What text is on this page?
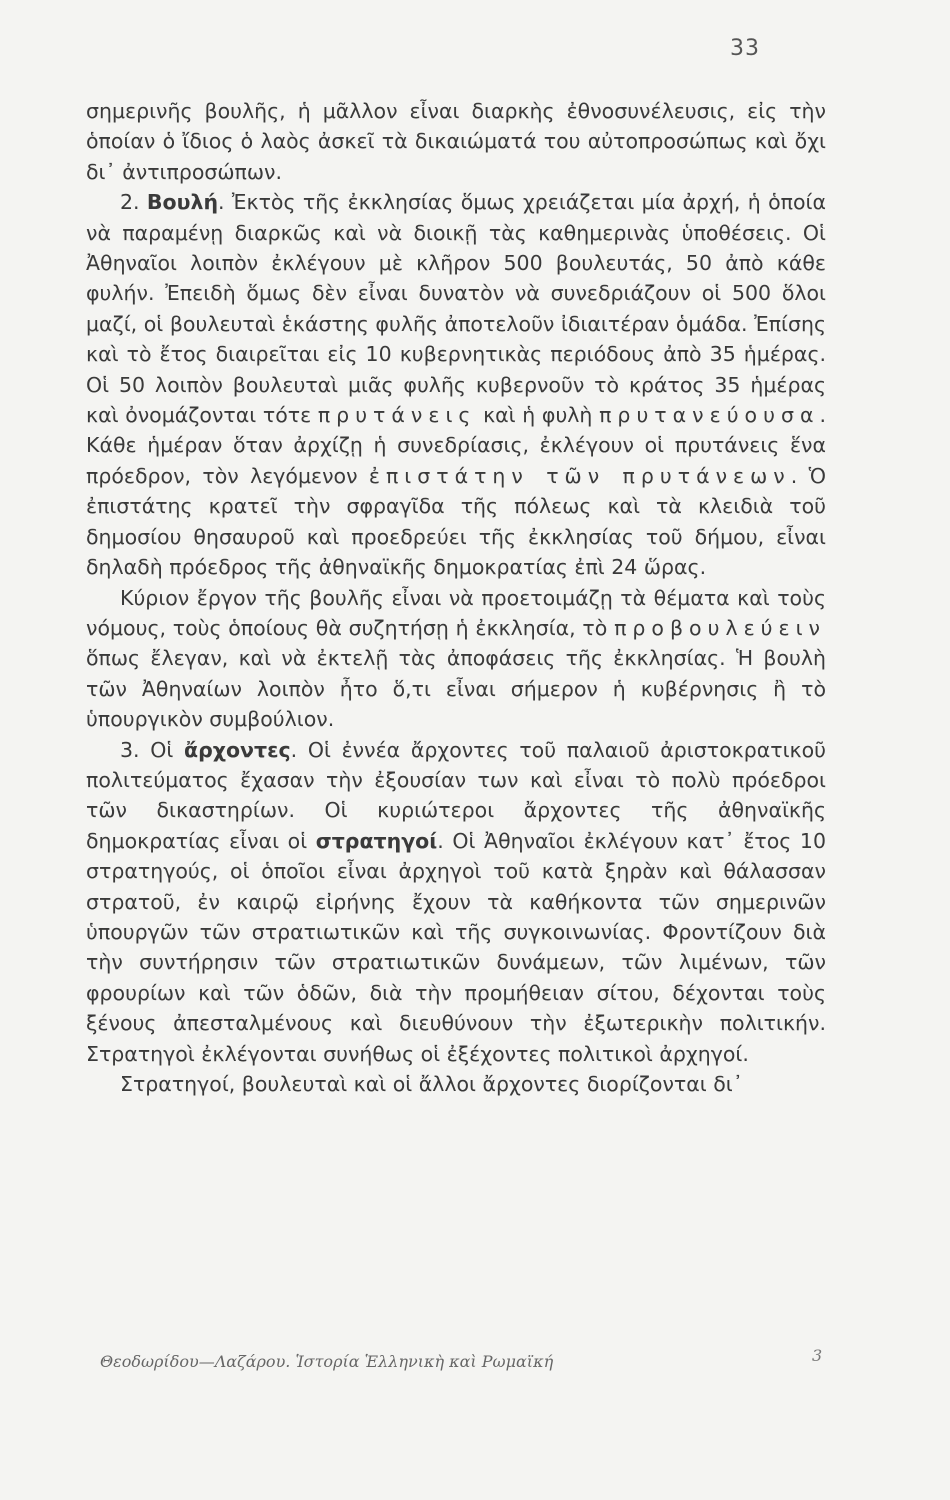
33

σημερινῆς βουλῆς, ἡ μᾶλλον εἶναι διαρκὴς ἐθνοσυνέλευσις, εἰς τὴν ὁποίαν ὁ ἴδιος ὁ λαὸς ἀσκεῖ τὰ δικαιώματά του αὐτοπροσώπως καὶ ὄχι δι᾿ ἀντιπροσώπων.

2. Βουλή. Ἐκτὸς τῆς ἐκκλησίας ὅμως χρειάζεται μία ἀρχή, ἡ ὁποία νὰ παραμένῃ διαρκῶς καὶ νὰ διοικῇ τὰς καθημερινὰς ὑποθέσεις. Οἱ Ἀθηναῖοι λοιπὸν ἐκλέγουν μὲ κλῆρον 500 βουλευτάς, 50 ἀπὸ κάθε φυλήν. Ἐπειδὴ ὅμως δὲν εἶναι δυνατὸν νὰ συνεδριάζουν οἱ 500 ὅλοι μαζί, οἱ βουλευταὶ ἑκάστης φυλῆς ἀποτελοῦν ἰδιαιτέραν ὁμάδα. Ἐπίσης καὶ τὸ ἔτος διαιρεῖται εἰς 10 κυβερνητικὰς περιόδους ἀπὸ 35 ἡμέρας. Οἱ 50 λοιπὸν βουλευταὶ μιᾶς φυλῆς κυβερνοῦν τὸ κράτος 35 ἡμέρας καὶ ὀνομάζονται τότε πρυτάνεις καὶ ἡ φυλὴ πρυτανεύουσα. Κάθε ἡμέραν ὅταν ἀρχίζῃ ἡ συνεδρίασις, ἐκλέγουν οἱ πρυτάνεις ἕνα πρόεδρον, τὸν λεγόμενον ἐπιστάτην τῶν πρυτάνεων. Ὁ ἐπιστάτης κρατεῖ τὴν σφραγῖδα τῆς πόλεως καὶ τὰ κλειδιὰ τοῦ δημοσίου θησαυροῦ καὶ προεδρεύει τῆς ἐκκλησίας τοῦ δήμου, εἶναι δηλαδὴ πρόεδρος τῆς ἀθηναϊκῆς δημοκρατίας ἐπὶ 24 ὥρας.

Κύριον ἔργον τῆς βουλῆς εἶναι νὰ προετοιμάζῃ τὰ θέματα καὶ τοὺς νόμους, τοὺς ὁποίους θὰ συζητήσῃ ἡ ἐκκλησία, τὸ προβουλεύειν ὅπως ἔλεγαν, καὶ νὰ ἐκτελῇ τὰς ἀποφάσεις τῆς ἐκκλησίας. Ἡ βουλὴ τῶν Ἀθηναίων λοιπὸν ἦτο ὅ,τι εἶναι σήμερον ἡ κυβέρνησις ἢ τὸ ὑπουργικὸν συμβούλιον.

3. Οἱ ἄρχοντες. Οἱ ἐννέα ἄρχοντες τοῦ παλαιοῦ ἀριστοκρατικοῦ πολιτεύματος ἔχασαν τὴν ἐξουσίαν των καὶ εἶναι τὸ πολὺ πρόεδροι τῶν δικαστηρίων. Οἱ κυριώτεροι ἄρχοντες τῆς ἀθηναϊκῆς δημοκρατίας εἶναι οἱ στρατηγοί. Οἱ Ἀθηναῖοι ἐκλέγουν κατ᾿ ἔτος 10 στρατηγούς, οἱ ὁποῖοι εἶναι ἀρχηγοὶ τοῦ κατὰ ξηρὰν καὶ θάλασσαν στρατοῦ, ἐν καιρῷ εἰρήνης ἔχουν τὰ καθήκοντα τῶν σημερινῶν ὑπουργῶν τῶν στρατιωτικῶν καὶ τῆς συγκοινωνίας. Φροντίζουν διὰ τὴν συντήρησιν τῶν στρατιωτικῶν δυνάμεων, τῶν λιμένων, τῶν φρουρίων καὶ τῶν ὁδῶν, διὰ τὴν προμήθειαν σίτου, δέχονται τοὺς ξένους ἀπεσταλμένους καὶ διευθύνουν τὴν ἐξωτερικὴν πολιτικήν. Στρατηγοὶ ἐκλέγονται συνήθως οἱ ἐξέχοντες πολιτικοὶ ἀρχηγοί.

Στρατηγοί, βουλευταὶ καὶ οἱ ἄλλοι ἄρχοντες διορίζονται δι᾿

Θεοδωρίδου—Λαζάρου. Ἱστορία Ἑλληνικὴ καὶ Ρωμαϊκή	3
